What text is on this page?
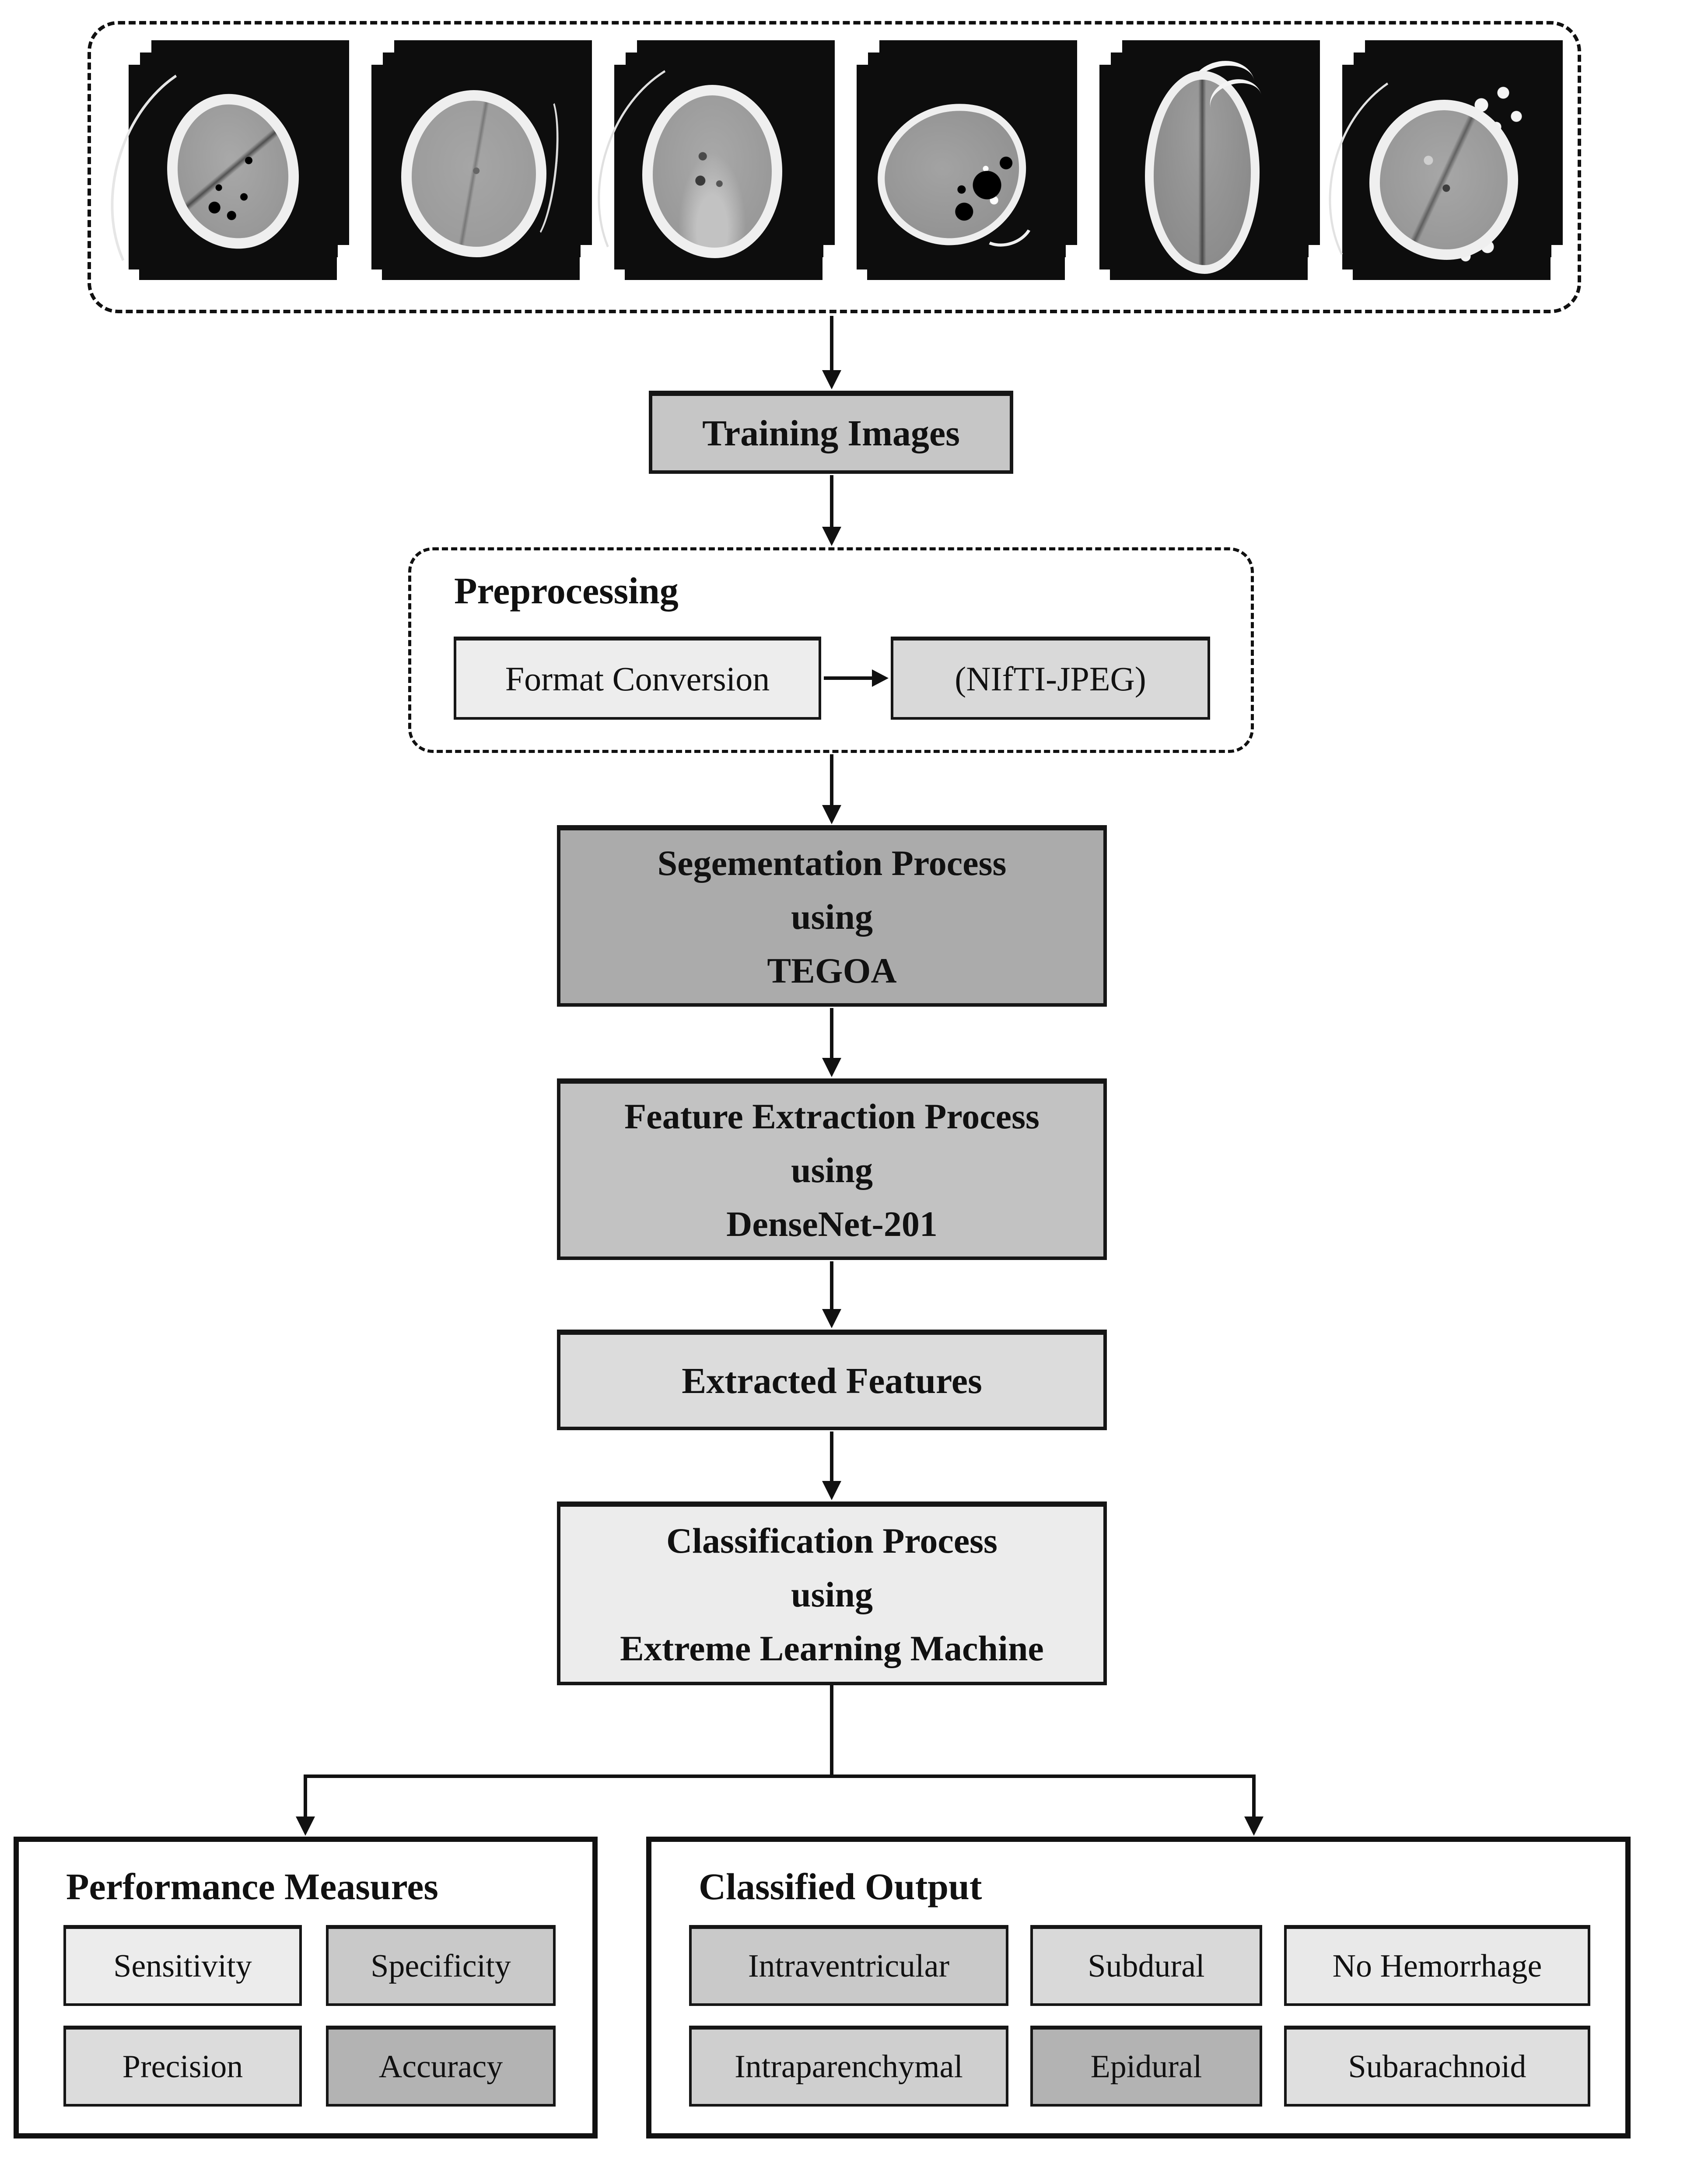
Training Images
Preprocessing
Format Conversion	(NIfTI-JPEG)
Segementation Process
using
TEGOA
Feature Extraction Process
using
DenseNet-201
Extracted Features
Classification Process
using
Extreme Learning Machine
Performance Measures
Sensitivity	Specificity
Precision	Accuracy
Classified Output
Intraventricular	Subdural	No Hemorrhage
Intraparenchymal	Epidural	Subarachnoid
